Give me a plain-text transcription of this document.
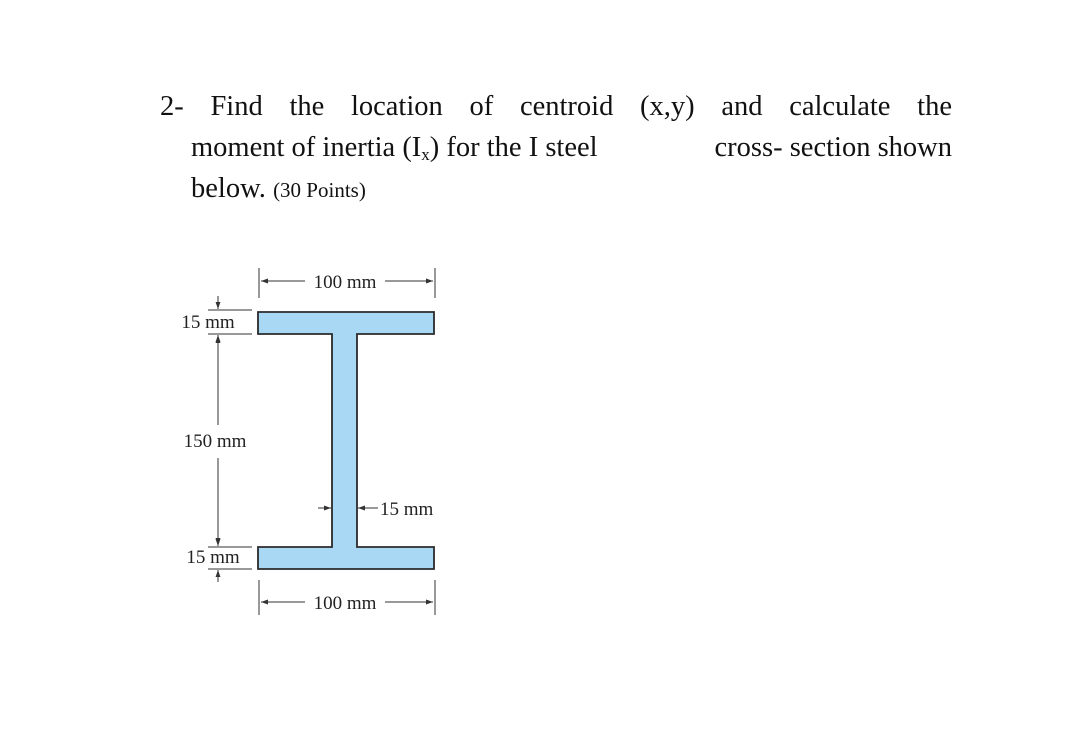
2- Find the location of centroid (x,y) and calculate the
moment of inertia $(I_x)$ for the I steel	cross- section shown
below. (30 Points)
100 mm
15 mm
150 mm
15 mm
15 mm
100 mm
